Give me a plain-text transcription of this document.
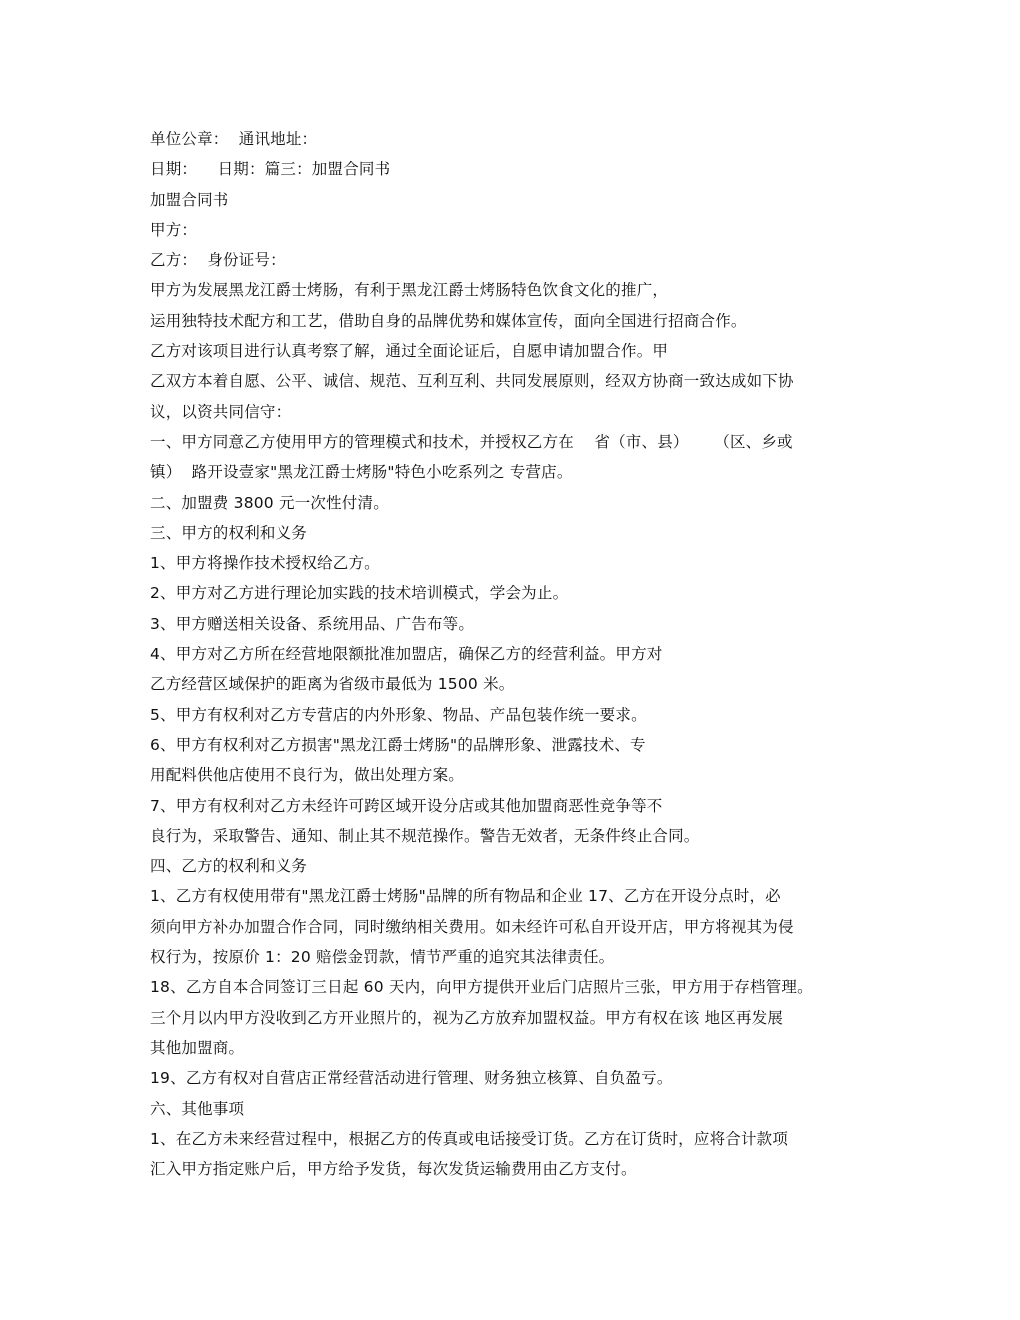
单位公章：  通讯地址：
日期：    日期：篇三：加盟合同书
加盟合同书
甲方：
乙方：  身份证号：
甲方为发展黑龙江爵士烤肠，有利于黑龙江爵士烤肠特色饮食文化的推广，
运用独特技术配方和工艺，借助自身的品牌优势和媒体宣传，面向全国进行招商合作。
乙方对该项目进行认真考察了解，通过全面论证后，自愿申请加盟合作。甲
乙双方本着自愿、公平、诚信、规范、互利互利、共同发展原则，经双方协商一致达成如下协
议，以资共同信守：
一、甲方同意乙方使用甲方的管理模式和技术，并授权乙方在    省（市、县）     （区、乡或
镇）  路开设壹家"黑龙江爵士烤肠"特色小吃系列之 专营店。
二、加盟费 3800 元一次性付清。
三、甲方的权利和义务
1、甲方将操作技术授权给乙方。
2、甲方对乙方进行理论加实践的技术培训模式，学会为止。
3、甲方赠送相关设备、系统用品、广告布等。
4、甲方对乙方所在经营地限额批准加盟店，确保乙方的经营利益。甲方对
乙方经营区域保护的距离为省级市最低为 1500 米。
5、甲方有权利对乙方专营店的内外形象、物品、产品包装作统一要求。
6、甲方有权利对乙方损害"黑龙江爵士烤肠"的品牌形象、泄露技术、专
用配料供他店使用不良行为，做出处理方案。
7、甲方有权利对乙方未经许可跨区域开设分店或其他加盟商恶性竞争等不
良行为，采取警告、通知、制止其不规范操作。警告无效者，无条件终止合同。
四、乙方的权利和义务
1、乙方有权使用带有"黑龙江爵士烤肠"品牌的所有物品和企业 17、乙方在开设分点时，必
须向甲方补办加盟合作合同，同时缴纳相关费用。如未经许可私自开设开店，甲方将视其为侵
权行为，按原价 1：20 赔偿金罚款，情节严重的追究其法律责任。
18、乙方自本合同签订三日起 60 天内，向甲方提供开业后门店照片三张，甲方用于存档管理。
三个月以内甲方没收到乙方开业照片的，视为乙方放弃加盟权益。甲方有权在该 地区再发展
其他加盟商。
19、乙方有权对自营店正常经营活动进行管理、财务独立核算、自负盈亏。
六、其他事项
1、在乙方未来经营过程中，根据乙方的传真或电话接受订货。乙方在订货时，应将合计款项
汇入甲方指定账户后，甲方给予发货，每次发货运输费用由乙方支付。
